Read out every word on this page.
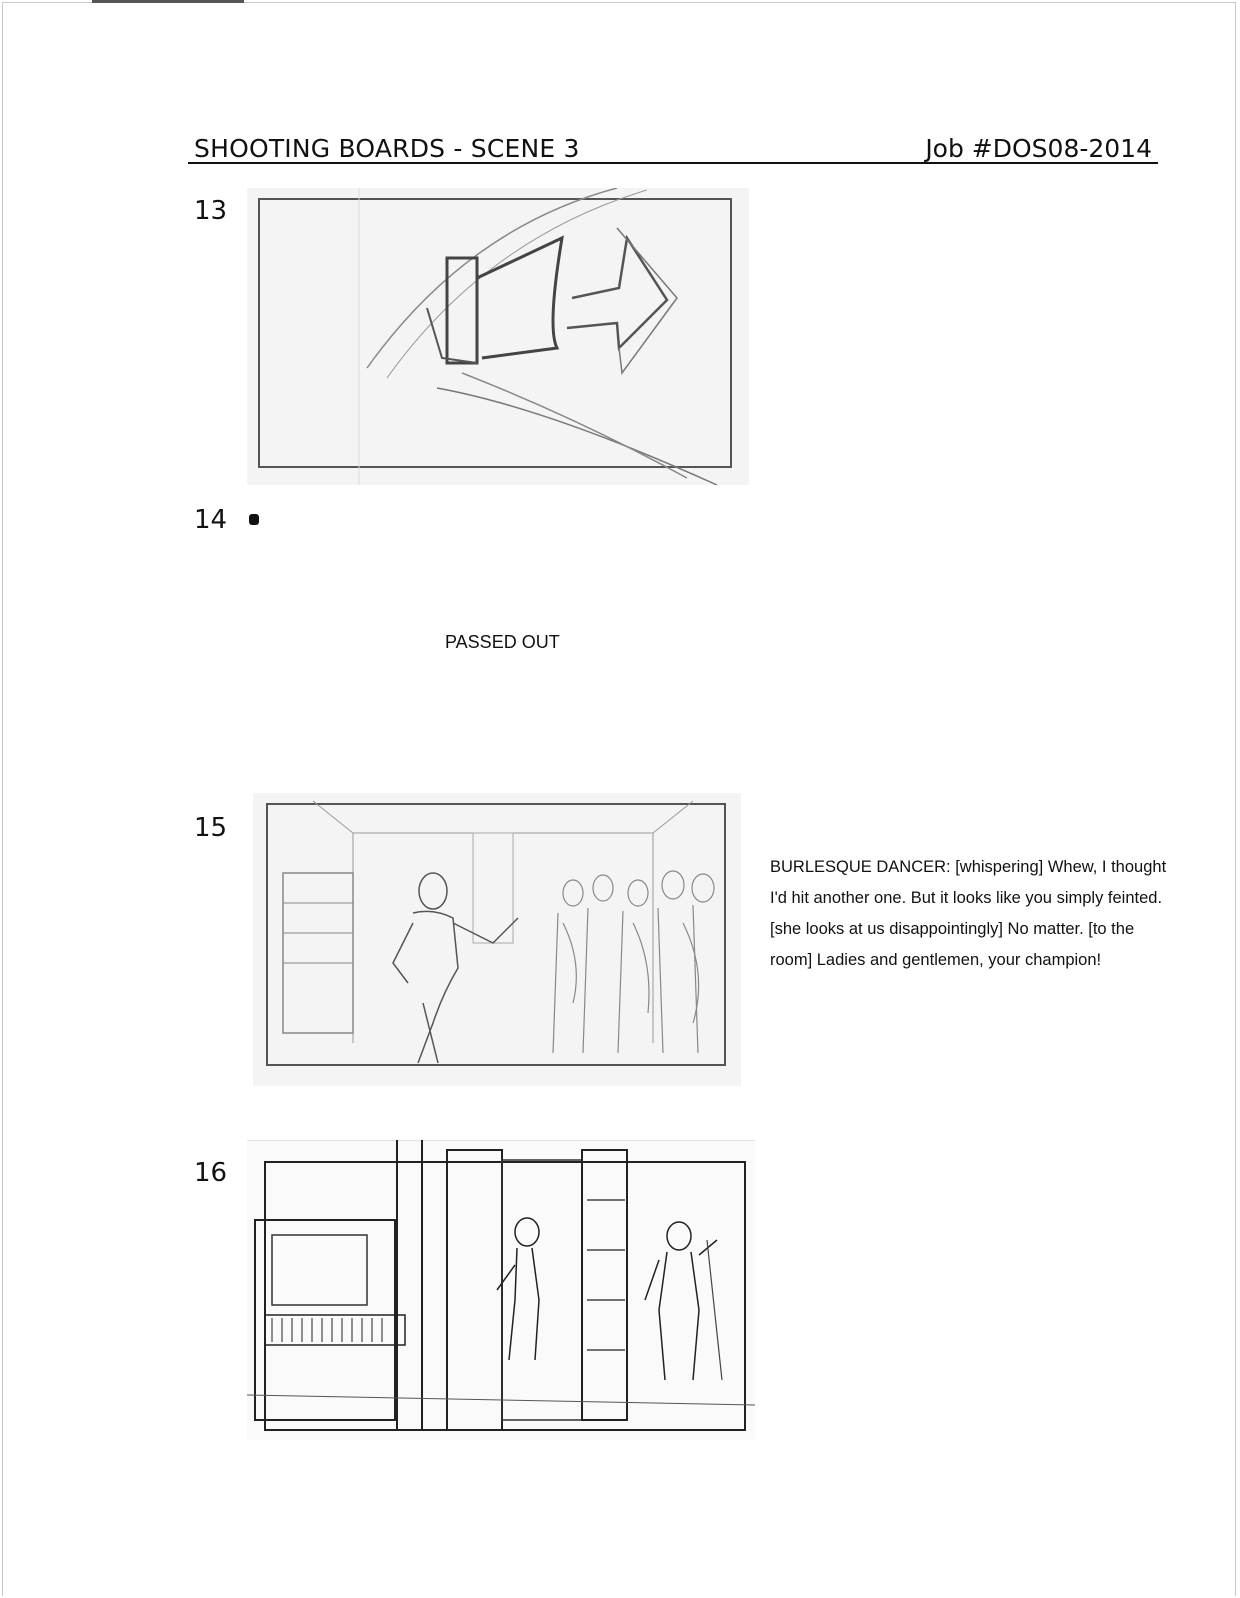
SHOOTING BOARDS - SCENE 3	Job #DOS08-2014
13
14
PASSED OUT
15
BURLESQUE DANCER: [whispering] Whew, I thought I'd hit another one. But it looks like you simply feinted. [she looks at us disappointingly] No matter. [to the room] Ladies and gentlemen, your champion!
16
